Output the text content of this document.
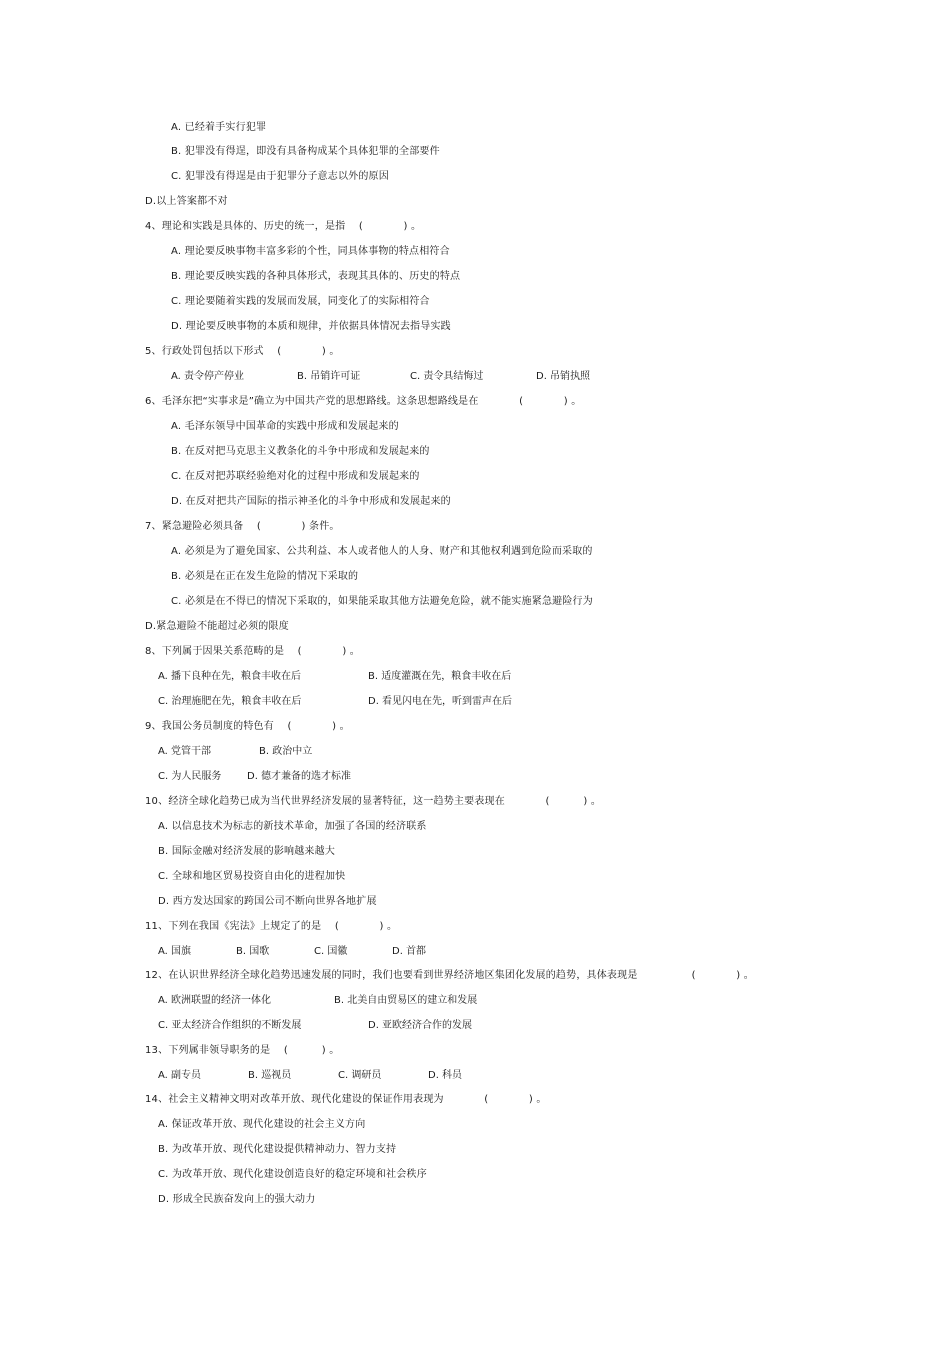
A. 已经着手实行犯罪
B. 犯罪没有得逞，即没有具备构成某个具体犯罪的全部要件
C. 犯罪没有得逞是由于犯罪分子意志以外的原因
D.以上答案都不对
4、理论和实践是具体的、历史的统一，是指    (            ) 。
A. 理论要反映事物丰富多彩的个性，同具体事物的特点相符合
B. 理论要反映实践的各种具体形式，表现其具体的、历史的特点
C. 理论要随着实践的发展而发展，同变化了的实际相符合
D. 理论要反映事物的本质和规律，并依据具体情况去指导实践
5、行政处罚包括以下形式    (            ) 。
A. 责令停产停业	B. 吊销许可证	C. 责令具结悔过	D. 吊销执照
6、毛泽东把“实事求是”确立为中国共产党的思想路线。这条思想路线是在            (            ) 。
A. 毛泽东领导中国革命的实践中形成和发展起来的
B. 在反对把马克思主义教条化的斗争中形成和发展起来的
C. 在反对把苏联经验绝对化的过程中形成和发展起来的
D. 在反对把共产国际的指示神圣化的斗争中形成和发展起来的
7、紧急避险必须具备    (            ) 条件。
A. 必须是为了避免国家、公共利益、本人或者他人的人身、财产和其他权利遇到危险而采取的
B. 必须是在正在发生危险的情况下采取的
C. 必须是在不得已的情况下采取的，如果能采取其他方法避免危险，就不能实施紧急避险行为
D.紧急避险不能超过必须的限度
8、下列属于因果关系范畴的是    (            ) 。
A. 播下良种在先，粮食丰收在后	B. 适度灌溉在先，粮食丰收在后
C. 治理施肥在先，粮食丰收在后	D. 看见闪电在先，听到雷声在后
9、我国公务员制度的特色有    (            ) 。
A. 党管干部	B. 政治中立
C. 为人民服务	D. 德才兼备的选才标准
10、经济全球化趋势已成为当代世界经济发展的显著特征，这一趋势主要表现在            (          ) 。
A. 以信息技术为标志的新技术革命，加强了各国的经济联系
B. 国际金融对经济发展的影响越来越大
C. 全球和地区贸易投资自由化的进程加快
D. 西方发达国家的跨国公司不断向世界各地扩展
11、下列在我国《宪法》上规定了的是    (            ) 。
A. 国旗	B. 国歌	C. 国徽	D. 首都
12、在认识世界经济全球化趋势迅速发展的同时，我们也要看到世界经济地区集团化发展的趋势，具体表现是                (            ) 。
A. 欧洲联盟的经济一体化	B. 北美自由贸易区的建立和发展
C. 亚太经济合作组织的不断发展	D. 亚欧经济合作的发展
13、下列属非领导职务的是    (          ) 。
A. 副专员	B. 巡视员	C. 调研员	D. 科员
14、社会主义精神文明对改革开放、现代化建设的保证作用表现为            (            ) 。
A. 保证改革开放、现代化建设的社会主义方向
B. 为改革开放、现代化建设提供精神动力、智力支持
C. 为改革开放、现代化建设创造良好的稳定环境和社会秩序
D. 形成全民族奋发向上的强大动力
